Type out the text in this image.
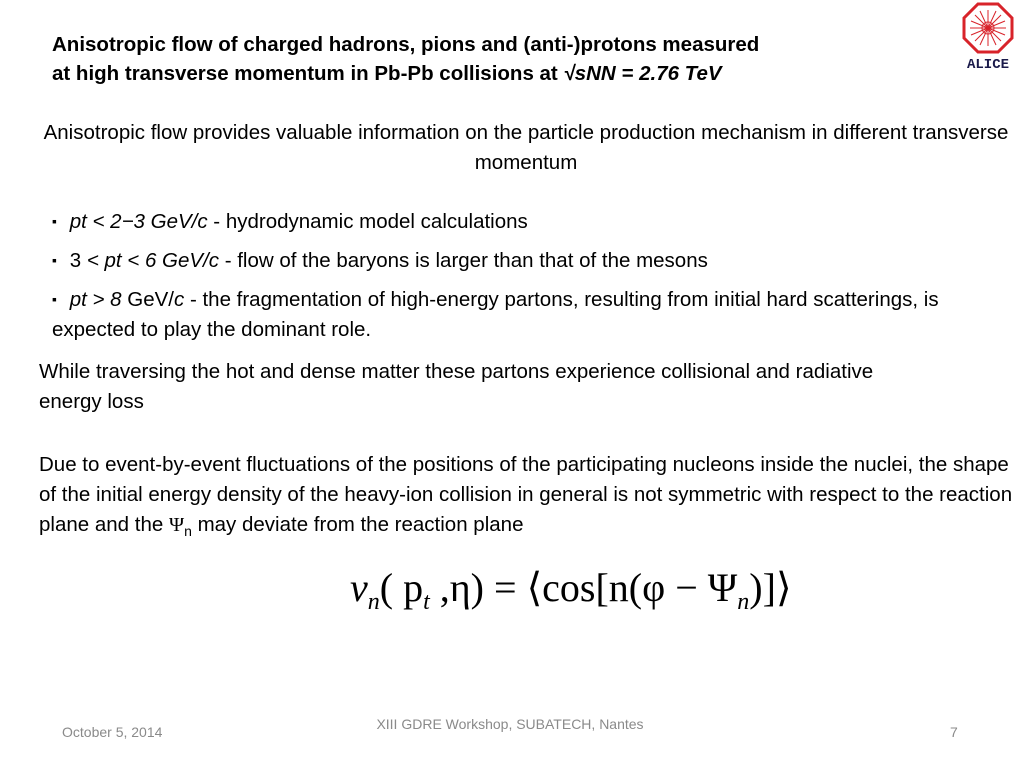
Anisotropic flow of charged hadrons, pions and (anti-)protons measured
at high transverse momentum in Pb-Pb collisions at √sNN = 2.76 TeV	ALICE
Anisotropic flow provides valuable information on the particle production mechanism in different transverse momentum
▪ pt < 2−3 GeV/c - hydrodynamic model calculations
▪ 3 < pt < 6 GeV/c - flow of the baryons is larger than that of the mesons
▪ pt > 8 GeV/c - the fragmentation of high-energy partons, resulting from initial hard scatterings, is expected to play the dominant role.
While traversing the hot and dense matter these partons experience collisional and radiative energy loss
Due to event-by-event fluctuations of the positions of the participating nucleons inside the nuclei, the shape of the initial energy density of the heavy-ion collision in general is not symmetric with respect to the reaction plane and the $\Psi_n$ may deviate from the reaction plane
$v_n$( $p_t$ ,η) = ⟨cos[n(φ − $\Psi_n)]⟩$
October 5, 2014	XIII GDRE Workshop, SUBATECH, Nantes	7
